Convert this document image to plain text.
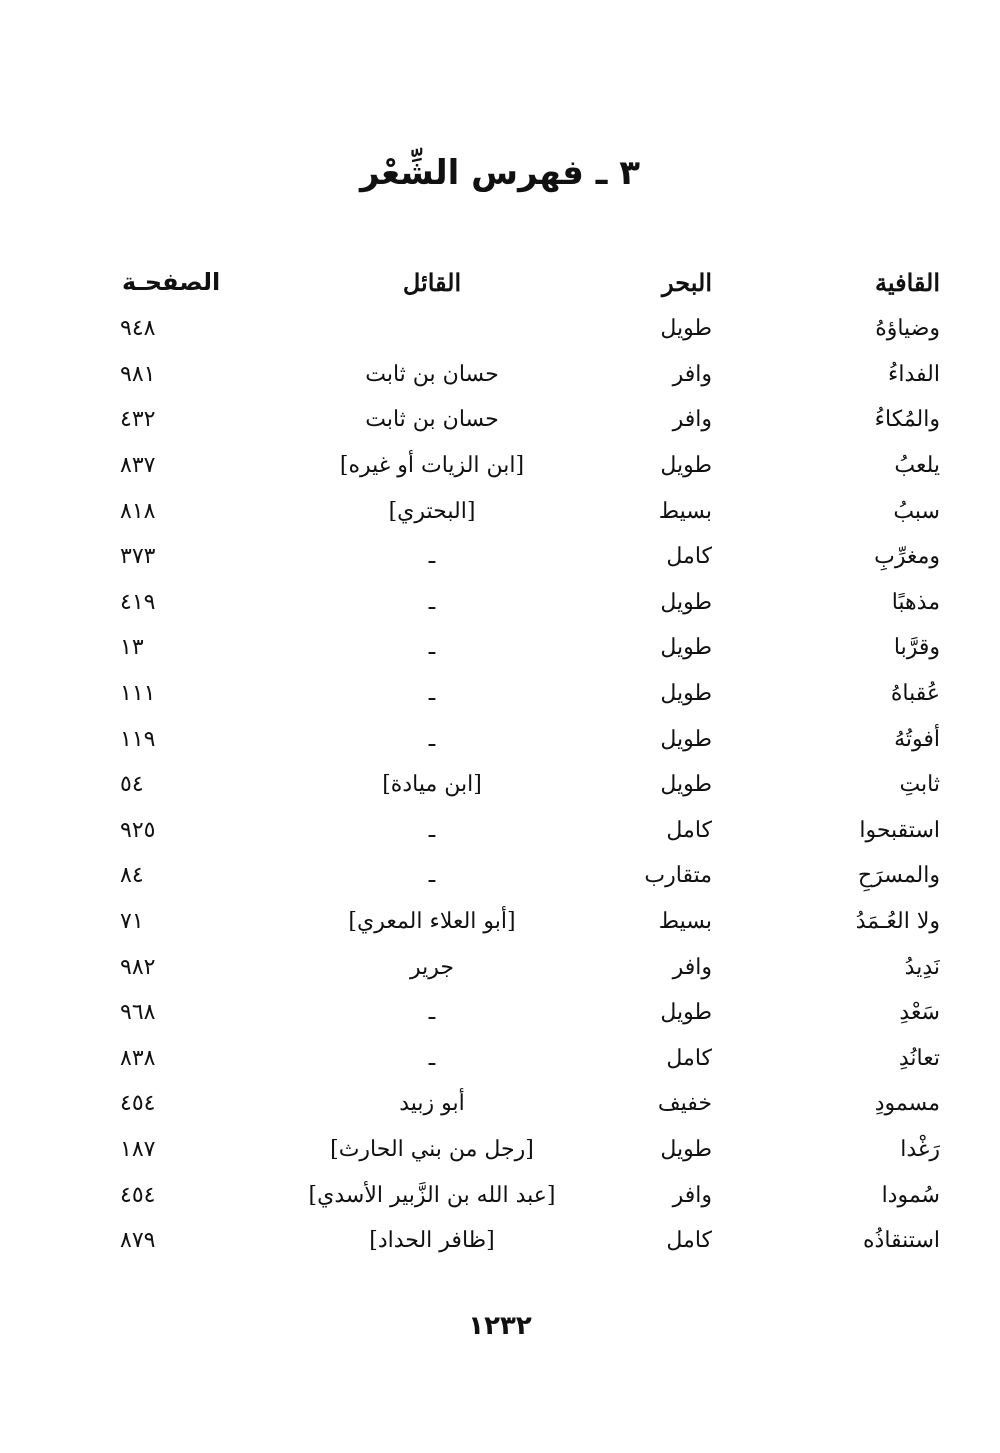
٣ ـ فهرس الشِّعْر
القافية	البحر	القائل	الصفحـة
وضياؤهُ	طويل		٩٤٨
الفداءُ	وافر	حسان بن ثابت	٩٨١
والمُكاءُ	وافر	حسان بن ثابت	٤٣٢
يلعبُ	طويل	[ابن الزيات أو غيره]	٨٣٧
سببُ	بسيط	[البحتري]	٨١٨
ومغرِّبِ	كامل	ـ	٣٧٣
مذهبًا	طويل	ـ	٤١٩
وقرَّبا	طويل	ـ	١٣
عُقباهُ	طويل	ـ	١١١
أفوتُهُ	طويل	ـ	١١٩
ثابتِ	طويل	[ابن ميادة]	٥٤
استقبحوا	كامل	ـ	٩٢٥
والمسرَحِ	متقارب	ـ	٨٤
ولا العُـمَدُ	بسيط	[أبو العلاء المعري]	٧١
نَدِيدُ	وافر	جرير	٩٨٢
سَعْدِ	طويل	ـ	٩٦٨
تعانُدِ	كامل	ـ	٨٣٨
مسمودِ	خفيف	أبو زبيد	٤٥٤
رَغْدا	طويل	[رجل من بني الحارث]	١٨٧
سُمودا	وافر	[عبد الله بن الزَّبير الأسدي]	٤٥٤
استنقاذُه	كامل	[ظافر الحداد]	٨٧٩
١٢٣٢
